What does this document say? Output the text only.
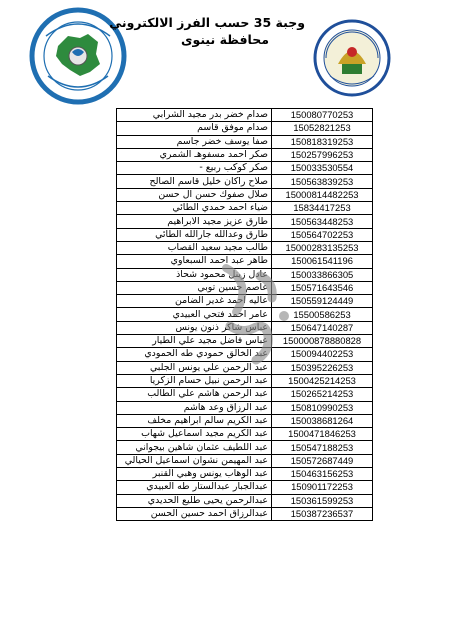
وجبة 35 حسب الفرز الالكتروني
محافظة نينوى
صدام خضر بدر مجيد الشرابي	150080770253
صدام موفق قاسم	15052821253
صفا يوسف خضر جاسم	150818319253
صكر احمد مسفوهـ الشمري	150257996253
صكر كوكب ربيع -	150033530554
صلاح راكان خليل قاسم الصالح	150563839253
صلال صفوك حسن ال حسن	15000814482253
ضياء احمد حمدي الطائي	15834417253
طارق عزيز مجيد الابراهيم	150563448253
طارق وعدالله جارالله الطائي	150564702253
طالب مجيد سعيد القصاب	15000283135253
طاهر عبد احمد السبعاوي	150061541196
عادل زينل محمود شحاذ	150033866305
عاصم حسين توبي	150571643546
عاليه احمد غدير الضامن	150559124449
عامر احمد فتحي العبيدي	15500586253
عباس شاكر ذنون يونس	150647140287
عباس فاضل مجيد علي الطيار	150000878880828
عبد الخالق حمودي طه الحمودي	150094402253
عبد الرحمن علي يونس الجلبي	150395226253
عبد الرحمن نبيل حسام الزكريا	150042521425​3
عبد الرحمن هاشم علي الطالب	150265214253
عبد الرزاق وعد هاشم	150810990253
عبد الكريم سالم ابراهيم مخلف	150038681264
عبد الكريم مجيد اسماعيل شهاب	150047184625​3
عبد اللطيف عثمان شاهين بيجواني	150547188253
عبد المهيمن نشوان اسماعيل الحيالي	150572687449
عبد الوهاب يونس وهبي القنبر	150463156253
عبدالجبار عبدالستار طه العبيدي	150901172253
عبدالرحمن يحيى طليع الحديدي	150361599253
عبدالرزاق احمد حسين الحسن	150387236537
